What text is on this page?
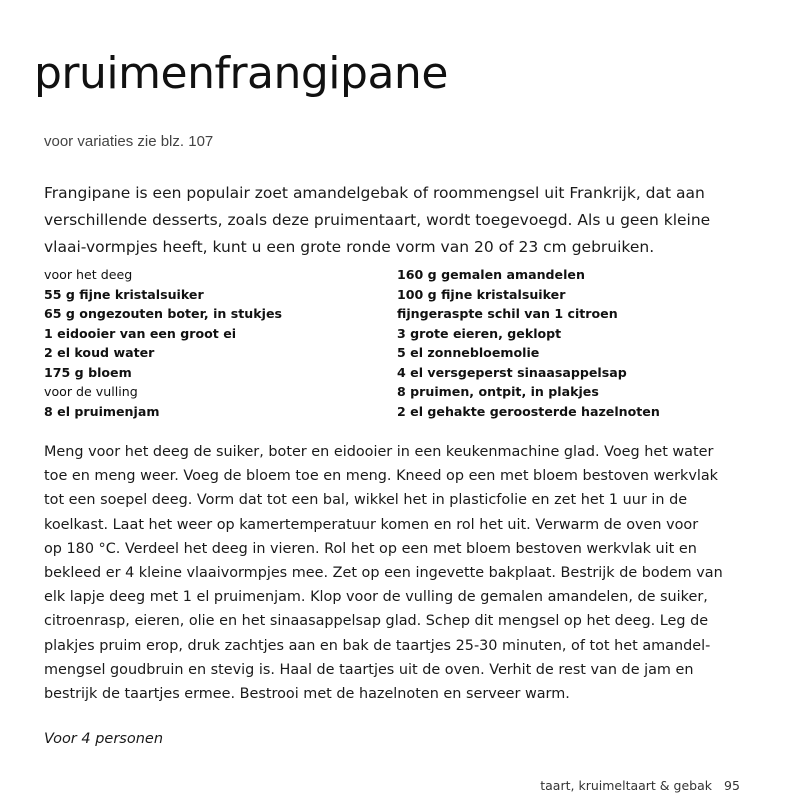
pruimenfrangipane

voor variaties zie blz. 107

Frangipane is een populair zoet amandelgebak of roommengsel uit Frankrijk, dat aan verschillende desserts, zoals deze pruimentaart, wordt toegevoegd. Als u geen kleine vlaai-vormpjes heeft, kunt u een grote ronde vorm van 20 of 23 cm gebruiken.

voor het deeg
55 g fijne kristalsuiker
65 g ongezouten boter, in stukjes
1 eidooier van een groot ei
2 el koud water
175 g bloem
voor de vulling
8 el pruimenjam
160 g gemalen amandelen
100 g fijne kristalsuiker
fijngeraspte schil van 1 citroen
3 grote eieren, geklopt
5 el zonnebloemolie
4 el versgeperst sinaasappelsap
8 pruimen, ontpit, in plakjes
2 el gehakte geroosterde hazelnoten

Meng voor het deeg de suiker, boter en eidooier in een keukenmachine glad. Voeg het water
toe en meng weer. Voeg de bloem toe en meng. Kneed op een met bloem bestoven werkvlak
tot een soepel deeg. Vorm dat tot een bal, wikkel het in plasticfolie en zet het 1 uur in de
koelkast. Laat het weer op kamertemperatuur komen en rol het uit. Verwarm de oven voor
op 180 °C. Verdeel het deeg in vieren. Rol het op een met bloem bestoven werkvlak uit en
bekleed er 4 kleine vlaaivormpjes mee. Zet op een ingevette bakplaat. Bestrijk de bodem van
elk lapje deeg met 1 el pruimenjam. Klop voor de vulling de gemalen amandelen, de suiker,
citroenrasp, eieren, olie en het sinaasappelsap glad. Schep dit mengsel op het deeg. Leg de
plakjes pruim erop, druk zachtjes aan en bak de taartjes 25-30 minuten, of tot het amandel-
mengsel goudbruin en stevig is. Haal de taartjes uit de oven. Verhit de rest van de jam en
bestrijk de taartjes ermee. Bestrooi met de hazelnoten en serveer warm.

Voor 4 personen

taart, kruimeltaart & gebak 95
